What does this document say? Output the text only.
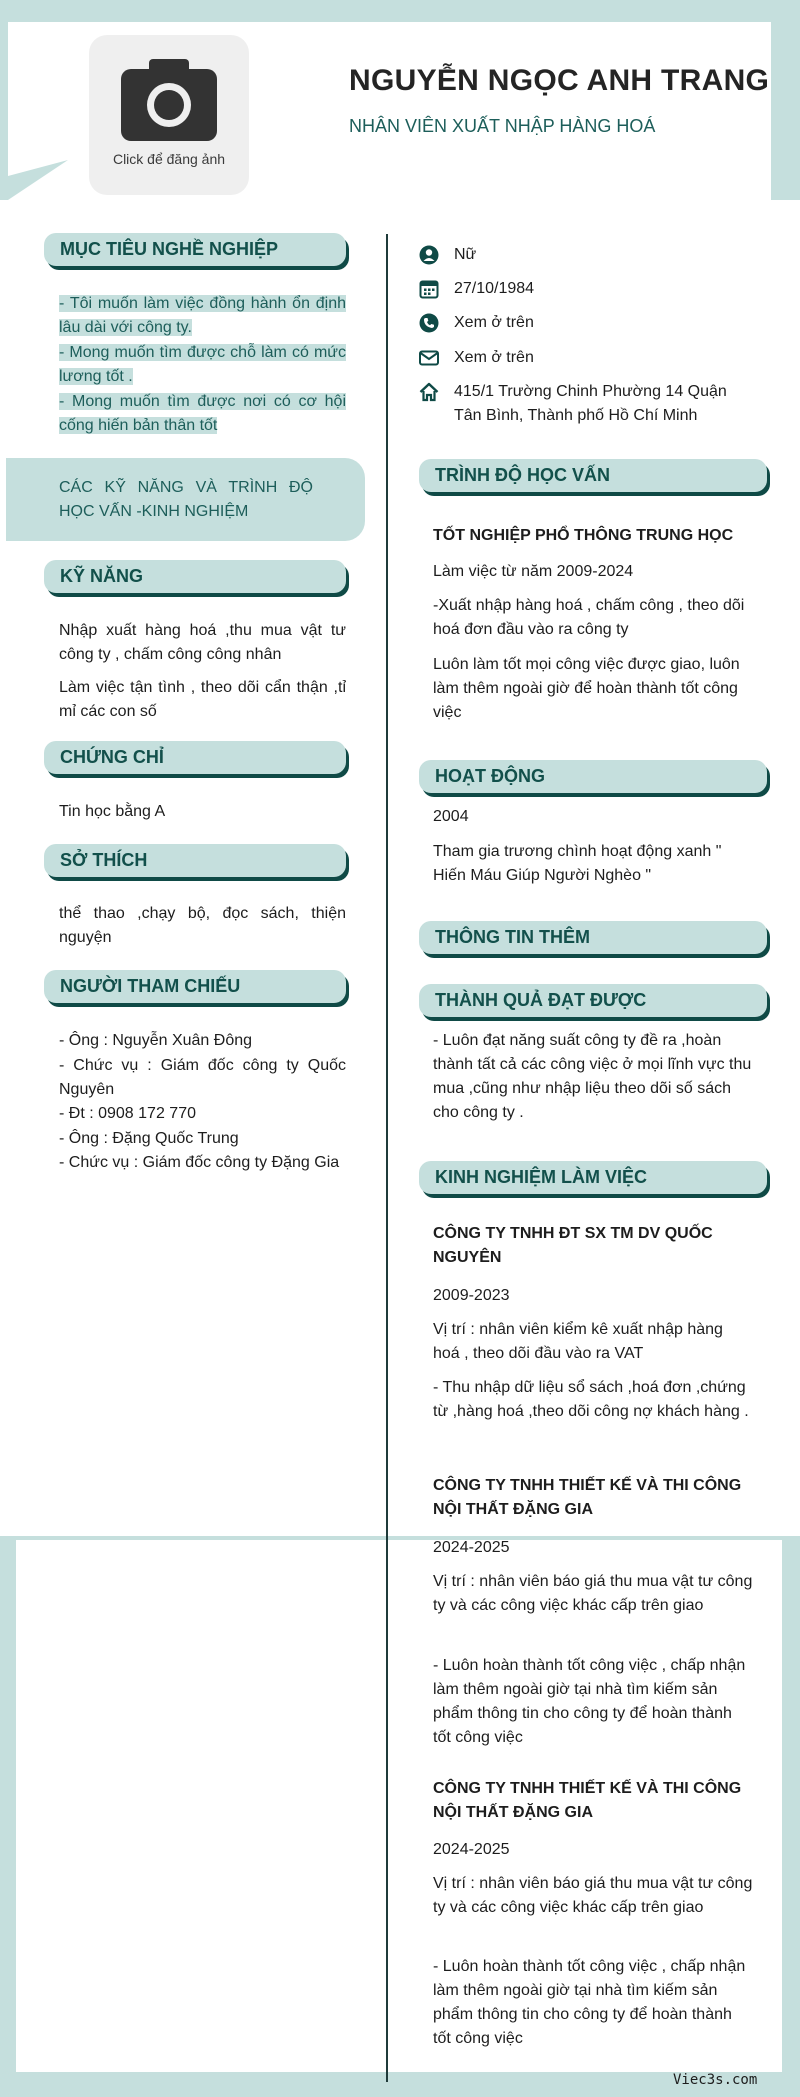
Click để đăng ảnh
NGUYỄN NGỌC ANH TRANG
NHÂN VIÊN XUẤT NHẬP HÀNG HOÁ
MỤC TIÊU NGHỀ NGHIỆP
- Tôi muốn làm việc đồng hành ổn định lâu dài với công ty.
- Mong muốn tìm được chỗ làm có mức lương tốt .
- Mong muốn tìm được nơi có cơ hội cống hiến bản thân tốt
CÁC KỸ NĂNG VÀ TRÌNH ĐỘ HỌC VẤN -KINH NGHIỆM
KỸ NĂNG
Nhập xuất hàng hoá ,thu mua vật tư công ty , chấm công công nhân
Làm việc tận tình , theo dõi cẩn thận ,tỉ mỉ các con số
CHỨNG CHỈ
Tin học bằng A
SỞ THÍCH
thể thao ,chạy bộ, đọc sách, thiện nguyện
NGƯỜI THAM CHIẾU
- Ông : Nguyễn Xuân Đông
- Chức vụ : Giám đốc công ty Quốc Nguyên
- Đt : 0908 172 770
- Ông : Đặng Quốc Trung
- Chức vụ : Giám đốc công ty Đặng Gia
Nữ
27/10/1984
Xem ở trên
Xem ở trên
415/1 Trường Chinh Phường 14 Quận Tân Bình, Thành phố Hồ Chí Minh
TRÌNH ĐỘ HỌC VẤN
TỐT NGHIỆP PHỔ THÔNG TRUNG HỌC
Làm việc từ năm 2009-2024
-Xuất nhập hàng hoá , chấm công , theo dõi hoá đơn đầu vào ra công ty
Luôn làm tốt mọi công việc được giao, luôn làm thêm ngoài giờ để hoàn thành tốt công việc
HOẠT ĐỘNG
2004
Tham gia trương chình hoạt động xanh " Hiến Máu Giúp Người Nghèo "
THÔNG TIN THÊM
THÀNH QUẢ ĐẠT ĐƯỢC
- Luôn đạt năng suất công ty đề ra ,hoàn thành tất cả các công việc ở mọi lĩnh vực thu mua ,cũng như nhập liệu theo dõi số sách cho công ty .
KINH NGHIỆM LÀM VIỆC
CÔNG TY TNHH ĐT SX TM DV QUỐC NGUYÊN
2009-2023
Vị trí : nhân viên kiểm kê xuất nhập hàng hoá , theo dõi đầu vào ra VAT
- Thu nhập dữ liệu sổ sách ,hoá đơn ,chứng từ ,hàng hoá ,theo dõi công nợ khách hàng .
CÔNG TY TNHH THIẾT KẾ VÀ THI CÔNG NỘI THẤT ĐẶNG GIA
2024-2025
Vị trí : nhân viên báo giá thu mua vật tư công ty và các công việc khác cấp trên giao
- Luôn hoàn thành tốt công việc , chấp nhận làm thêm ngoài giờ tại nhà tìm kiếm sản phẩm thông tin cho công ty để hoàn thành tốt công việc
CÔNG TY TNHH THIẾT KẾ VÀ THI CÔNG NỘI THẤT ĐẶNG GIA
2024-2025
Vị trí : nhân viên báo giá thu mua vật tư công ty và các công việc khác cấp trên giao
- Luôn hoàn thành tốt công việc , chấp nhận làm thêm ngoài giờ tại nhà tìm kiếm sản phẩm thông tin cho công ty để hoàn thành tốt công việc
Viec3s.com
